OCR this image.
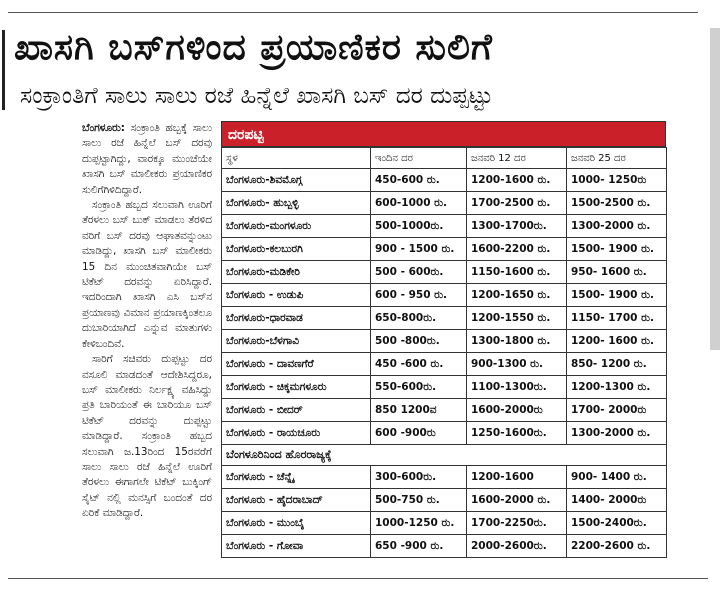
ಖಾಸಗಿ ಬಸ್‌ಗಳಿಂದ ಪ್ರಯಾಣಿಕರ ಸುಲಿಗೆ
ಸಂಕ್ರಾಂತಿಗೆ ಸಾಲು ಸಾಲು ರಜೆ ಹಿನ್ನೆಲೆ ಖಾಸಗಿ ಬಸ್ ದರ ದುಪ್ಪಟ್ಟು

ಬೆಂಗಳೂರು: ಸಂಕ್ರಾಂತಿ ಹಬ್ಬಕ್ಕೆ ಸಾಲು ಸಾಲು ರಜೆ ಹಿನ್ನೆಲೆ ಬಸ್ ದರವು ದುಪ್ಪಟ್ಟಾಗಿದ್ದು, ವಾರಕ್ಕೂ ಮುಂಚೆಯೇ ಖಾಸಗಿ ಬಸ್ ಮಾಲೀಕರು ಪ್ರಯಾಣಿಕರ ಸುಲಿಗೆಗಿಳಿದಿದ್ದಾರೆ.

ಸಂಕ್ರಾಂತಿ ಹಬ್ಬದ ಸಲುವಾಗಿ ಊರಿಗೆ ತೆರಳಲು ಬಸ್ ಬುಕ್ ಮಾಡಲು ತೆರಳಿದ ವರಿಗೆ ಬಸ್ ದರವು ಆಘಾತವನ್ನುಂಟು ಮಾಡಿದ್ದು, ಖಾಸಗಿ ಬಸ್ ಮಾಲೀಕರು 15 ದಿನ ಮುಂಚಿತವಾಗಿಯೇ ಬಸ್ ಟಿಕೆಟ್ ದರವನ್ನು ಏರಿಸಿದ್ದಾರೆ. ಇದರಿಂದಾಗಿ ಖಾಸಗಿ ಎಸಿ ಬಸ್‌ನ ಪ್ರಯಾಣವು ವಿಮಾನ ಪ್ರಯಾಣಕ್ಕಿಂತಲೂ ದುಬಾರಿಯಾಗಿದೆ ಎನ್ನುವ ಮಾತುಗಳು ಕೇಳಿಬಂದಿವೆ.

ಸಾರಿಗೆ ಸಚಿವರು ದುಪ್ಪಟ್ಟು ದರ ವಸೂಲಿ ಮಾಡದಂತೆ ಆದೇಶಿಸಿದ್ದರೂ, ಬಸ್ ಮಾಲೀಕರು ನಿರ್ಲಕ್ಷ್ಯ ವಹಿಸಿದ್ದು ಪ್ರತಿ ಬಾರಿಯಂತೆ ಈ ಬಾರಿಯೂ ಬಸ್ ಟಿಕೆಟ್ ದರವನ್ನು ದುಪ್ಪಟ್ಟು ಮಾಡಿದ್ದಾರೆ. ಸಂಕ್ರಾಂತಿ ಹಬ್ಬದ ಸಲುವಾಗಿ ಜ.13ರಿಂದ 15ರವರೆಗೆ ಸಾಲು ಸಾಲು ರಜೆ ಹಿನ್ನೆಲೆ ಊರಿಗೆ ತೆರಳಲು ಈಗಾಗಲೇ ಟಿಕೆಟ್ ಬುಕ್ಕಿಂಗ್ ಸೈಟ್ ನಲ್ಲಿ ಮನಸ್ಸಿಗೆ ಬಂದಂತೆ ದರ ಏರಿಕೆ ಮಾಡಿದ್ದಾರೆ.

ದರಪಟ್ಟಿ
ಸ್ಥಳ	ಇಂದಿನ ದರ	ಜನವರಿ 12 ದರ	ಜನವರಿ 25 ದರ
ಬೆಂಗಳೂರು-ಶಿವಮೊಗ್ಗ	450-600 ರು.	1200-1600 ರು.	1000- 1250ರು
ಬೆಂಗಳೂರು- ಹುಬ್ಬಳ್ಳಿ	600-1000 ರು.	1700-2500 ರು.	1500-2500 ರು.
ಬೆಂಗಳೂರು-ಮಂಗಳೂರು	500-1000ರು.	1300-1700ರು.	1300-2000 ರು.
ಬೆಂಗಳೂರು-ಕಲಬುರಗಿ	900 - 1500 ರು.	1600-2200 ರು.	1500- 1900 ರು.
ಬೆಂಗಳೂರು-ಮಡಿಕೇರಿ	500 - 600ರು.	1150-1600 ರು.	950- 1600 ರು.
ಬೆಂಗಳೂರು - ಉಡುಪಿ	600 - 950 ರು.	1200-1650 ರು.	1500- 1900 ರು.
ಬೆಂಗಳೂರು-ಧಾರವಾಡ	650-800ರು.	1200-1550 ರು.	1150- 1700 ರು.
ಬೆಂಗಳೂರು-ಬೆಳಗಾವಿ	500 -800ರು.	1300-1800 ರು.	1200- 1600 ರು.
ಬೆಂಗಳೂರು - ದಾವಣಗೆರೆ	450 -600 ರು.	900-1300 ರು.	850- 1200 ರು.
ಬೆಂಗಳೂರು - ಚಿಕ್ಕಮಗಳೂರು	550-600ರು.	1100-1300ರು.	1200-1300 ರು.
ಬೆಂಗಳೂರು - ಬೀದರ್	850 1200ವ	1600-2000ರು	1700- 2000ರು
ಬೆಂಗಳೂರು - ರಾಯಚೂರು	600 -900ರು	1250-1600ರು.	1300-2000 ರು.
ಬೆಂಗಳೂರಿನಿಂದ ಹೊರರಾಜ್ಯಕ್ಕೆ			
ಬೆಂಗಳೂರು - ಚೆನ್ನೈ	300-600ರು.	1200-1600	900- 1400 ರು.
ಬೆಂಗಳೂರು - ಹೈದರಾಬಾದ್	500-750 ರು.	1600-2000 ರು.	1400- 2000ರು
ಬೆಂಗಳೂರು - ಮುಂಬೈ	1000-1250 ರು.	1700-2250ರು.	1500-2400ರು.
ಬೆಂಗಳೂರು - ಗೋವಾ	650 -900 ರು.	2000-2600ರು.	2200-2600 ರು.
